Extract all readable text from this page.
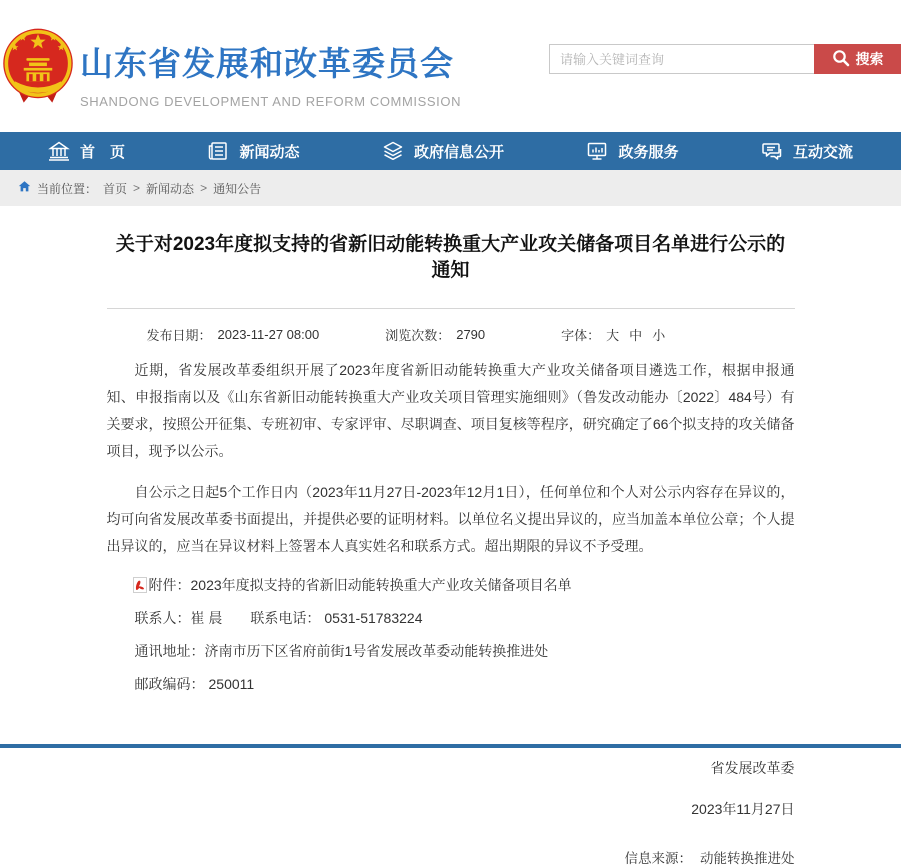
山东省发展和改革委员会
SHANDONG DEVELOPMENT AND REFORM COMMISSION
请输入关键词查询
搜索
首　页	新闻动态	政府信息公开	政务服务	互动交流
当前位置： 首页 > 新闻动态 > 通知公告
关于对2023年度拟支持的省新旧动能转换重大产业攻关储备项目名单进行公示的通知
发布日期： 2023-11-27 08:00	浏览次数： 2790	字体： 大 中 小

近期，省发展改革委组织开展了2023年度省新旧动能转换重大产业攻关储备项目遴选工作，根据申报通知、申报指南以及《山东省新旧动能转换重大产业攻关项目管理实施细则》（鲁发改动能办〔2022〕484号）有关要求，按照公开征集、专班初审、专家评审、尽职调查、项目复核等程序，研究确定了66个拟支持的攻关储备项目，现予以公示。

自公示之日起5个工作日内（2023年11月27日-2023年12月1日），任何单位和个人对公示内容存在异议的，均可向省发展改革委书面提出，并提供必要的证明材料。以单位名义提出异议的，应当加盖本单位公章；个人提出异议的，应当在异议材料上签署本人真实姓名和联系方式。超出期限的异议不予受理。

附件： 2023年度拟支持的省新旧动能转换重大产业攻关储备项目名单
联系人：崔 晨 联系电话： 0531-51783224
通讯地址：济南市历下区省府前街1号省发展改革委动能转换推进处
邮政编码： 250011
省发展改革委
2023年11月27日
信息来源： 动能转换推进处
